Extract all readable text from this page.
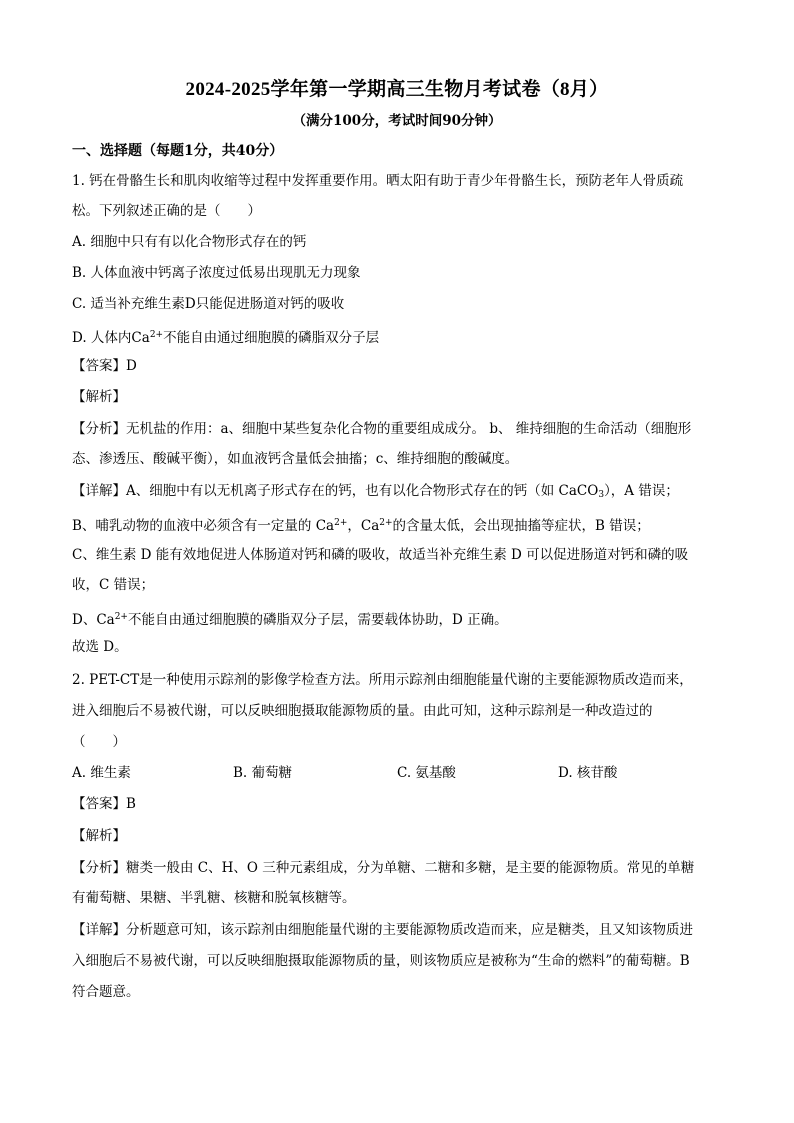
2024-2025学年第一学期高三生物月考试卷（8月）
（满分100分，考试时间90分钟）
一、选择题（每题1分，共40分）
1. 钙在骨骼生长和肌肉收缩等过程中发挥重要作用。晒太阳有助于青少年骨骼生长，预防老年人骨质疏
松。下列叙述正确的是（　　）
A. 细胞中只有有以化合物形式存在的钙
B. 人体血液中钙离子浓度过低易出现肌无力现象
C. 适当补充维生素D只能促进肠道对钙的吸收
D. 人体内$Ca^{2+}$不能自由通过细胞膜的磷脂双分子层
【答案】D
【解析】
【分析】无机盐的作用：a、细胞中某些复杂化合物的重要组成成分。 b、 维持细胞的生命活动（细胞形
态、渗透压、酸碱平衡），如血液钙含量低会抽搐；c、维持细胞的酸碱度。
【详解】A、细胞中有以无机离子形式存在的钙，也有以化合物形式存在的钙（如 CaCO$_3$），A 错误；
B、哺乳动物的血液中必须含有一定量的 $Ca^{2+}$，$Ca^{2+}$的含量太低，会出现抽搐等症状，B 错误；
C、维生素 D 能有效地促进人体肠道对钙和磷的吸收，故适当补充维生素 D 可以促进肠道对钙和磷的吸
收，C 错误；
D、$Ca^{2+}$不能自由通过细胞膜的磷脂双分子层，需要载体协助，D 正确。
故选 D。
2. PET-CT是一种使用示踪剂的影像学检查方法。所用示踪剂由细胞能量代谢的主要能源物质改造而来，
进入细胞后不易被代谢，可以反映细胞摄取能源物质的量。由此可知，这种示踪剂是一种改造过的
（　　）
A. 维生素	B. 葡萄糖	C. 氨基酸	D. 核苷酸
【答案】B
【解析】
【分析】糖类一般由 C、H、O 三种元素组成，分为单糖、二糖和多糖，是主要的能源物质。常见的单糖
有葡萄糖、果糖、半乳糖、核糖和脱氧核糖等。
【详解】分析题意可知，该示踪剂由细胞能量代谢的主要能源物质改造而来，应是糖类，且又知该物质进
入细胞后不易被代谢，可以反映细胞摄取能源物质的量，则该物质应是被称为“生命的燃料”的葡萄糖。B
符合题意。
